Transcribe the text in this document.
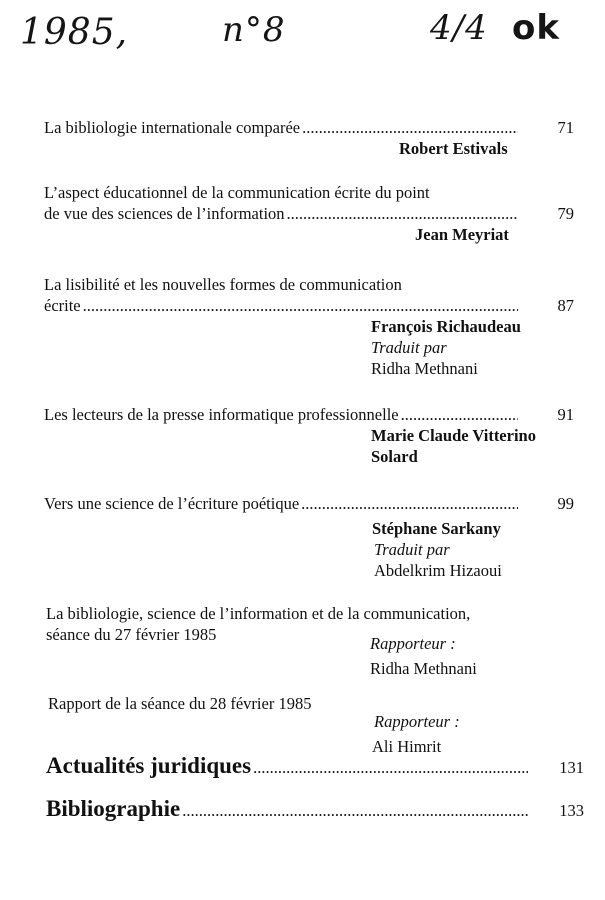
1985,	n°8	4/4 ok
La bibliologie internationale comparée .....	71
Robert Estivals
L’aspect éducationnel de la communication écrite du point
de vue des sciences de l’information .....	79
Jean Meyriat
La lisibilité et les nouvelles formes de communication
écrite .....	87
François Richaudeau
Traduit par
Ridha Methnani
Les lecteurs de la presse informatique professionnelle .....	91
Marie Claude Vitterino
Solard
Vers une science de l’écriture poétique .....	99
Stéphane Sarkany
Traduit par
Abdelkrim Hizaoui
La bibliologie, science de l’information et de la communication,
séance du 27 février 1985	Rapporteur :
Ridha Methnani
Rapport de la séance du 28 février 1985
Rapporteur :
Ali Himrit
Actualités juridiques .....	131
Bibliographie .....	133
